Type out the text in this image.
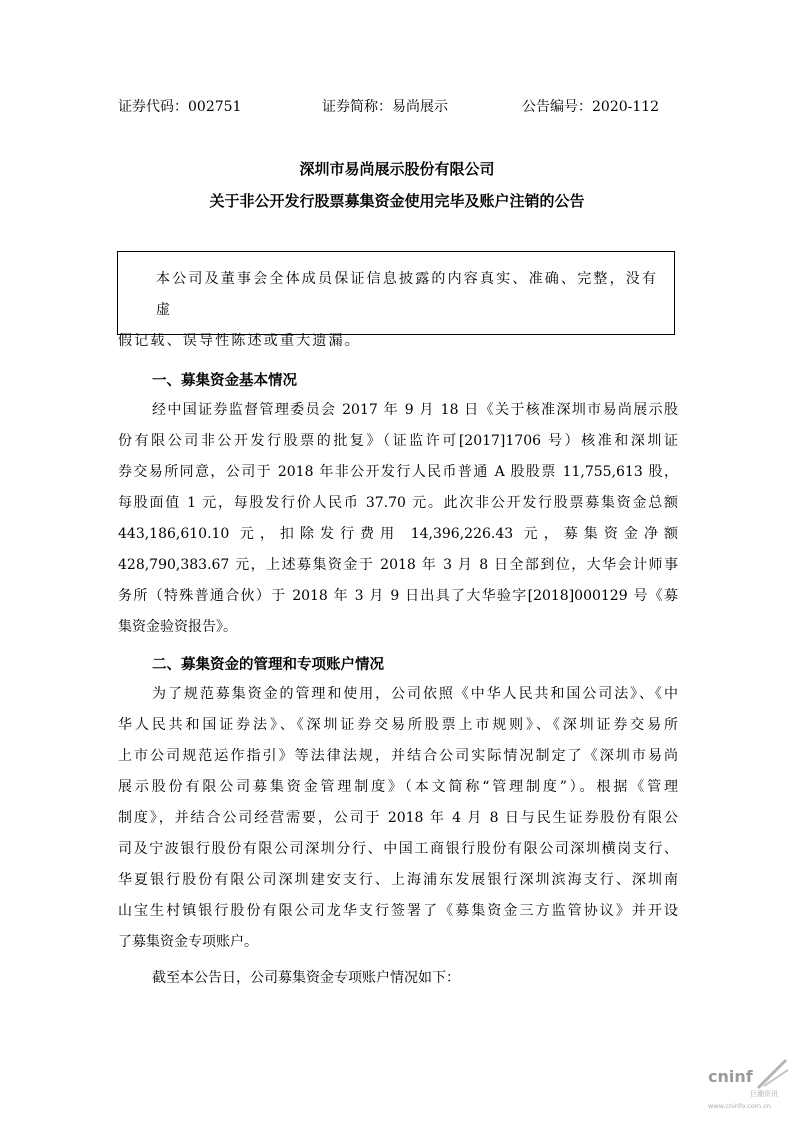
证券代码：002751	证券简称：易尚展示	公告编号：2020-112
深圳市易尚展示股份有限公司
关于非公开发行股票募集资金使用完毕及账户注销的公告
本公司及董事会全体成员保证信息披露的内容真实、准确、完整，没有虚
假记载、误导性陈述或重大遗漏。
一、募集资金基本情况
经中国证券监督管理委员会 2017 年 9 月 18 日《关于核准深圳市易尚展示股
份有限公司非公开发行股票的批复》（证监许可[2017]1706 号）核准和深圳证
券交易所同意，公司于 2018 年非公开发行人民币普通 A 股股票 11,755,613 股，
每股面值 1 元，每股发行价人民币 37.70 元。此次非公开发行股票募集资金总额
443,186,610.10 元，扣除发行费用 14,396,226.43 元，募集资金净额
428,790,383.67 元，上述募集资金于 2018 年 3 月 8 日全部到位，大华会计师事
务所（特殊普通合伙）于 2018 年 3 月 9 日出具了大华验字[2018]000129 号《募
集资金验资报告》。
二、募集资金的管理和专项账户情况
为了规范募集资金的管理和使用，公司依照《中华人民共和国公司法》、《中
华人民共和国证券法》、《深圳证券交易所股票上市规则》、《深圳证券交易所
上市公司规范运作指引》等法律法规，并结合公司实际情况制定了《深圳市易尚
展示股份有限公司募集资金管理制度》（本文简称“管理制度”）。根据《管理
制度》，并结合公司经营需要，公司于 2018 年 4 月 8 日与民生证券股份有限公
司及宁波银行股份有限公司深圳分行、中国工商银行股份有限公司深圳横岗支行、
华夏银行股份有限公司深圳建安支行、上海浦东发展银行深圳滨海支行、深圳南
山宝生村镇银行股份有限公司龙华支行签署了《募集资金三方监管协议》并开设
了募集资金专项账户。
截至本公告日，公司募集资金专项账户情况如下：
cninf
巨潮资讯
www.cninfo.com.cn
